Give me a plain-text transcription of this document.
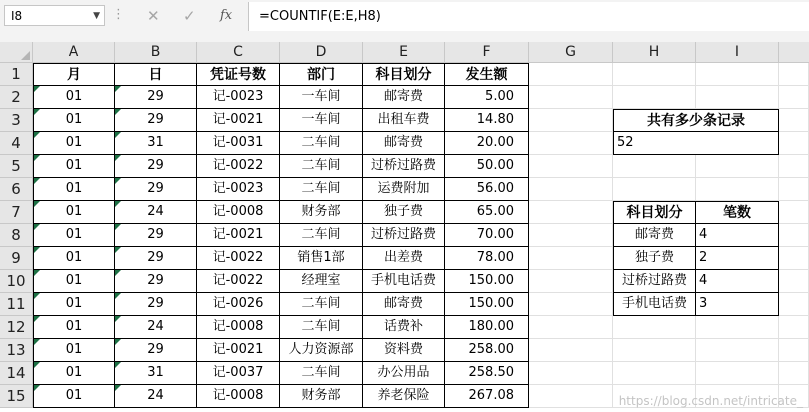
I8	▼ ⋮ ✕ ✓ fx	=COUNTIF(E:E,H8)
A	B	C	D	E	F	G	H	I
1
2
3
4
5
6
7
8
9
10
11
12
13
14
15
月	日	凭证号数	部门	科目划分	发生额
01	29	记-0023	一车间	邮寄费	5.00
01	29	记-0021	一车间	出租车费	14.80
01	31	记-0031	二车间	邮寄费	20.00
01	29	记-0022	二车间	过桥过路费	50.00
01	29	记-0023	二车间	运费附加	56.00
01	24	记-0008	财务部	独子费	65.00
01	29	记-0021	二车间	过桥过路费	70.00
01	29	记-0022	销售1部	出差费	78.00
01	29	记-0022	经理室	手机电话费	150.00
01	29	记-0026	二车间	邮寄费	150.00
01	24	记-0008	二车间	话费补	180.00
01	29	记-0021	人力资源部	资料费	258.00
01	31	记-0037	二车间	办公用品	258.50
01	24	记-0008	财务部	养老保险	267.08
共有多少条记录
52
科目划分	笔数
邮寄费	4
独子费	2
过桥过路费 4
手机电话费 3
https://blog.csdn.net/intricate_
